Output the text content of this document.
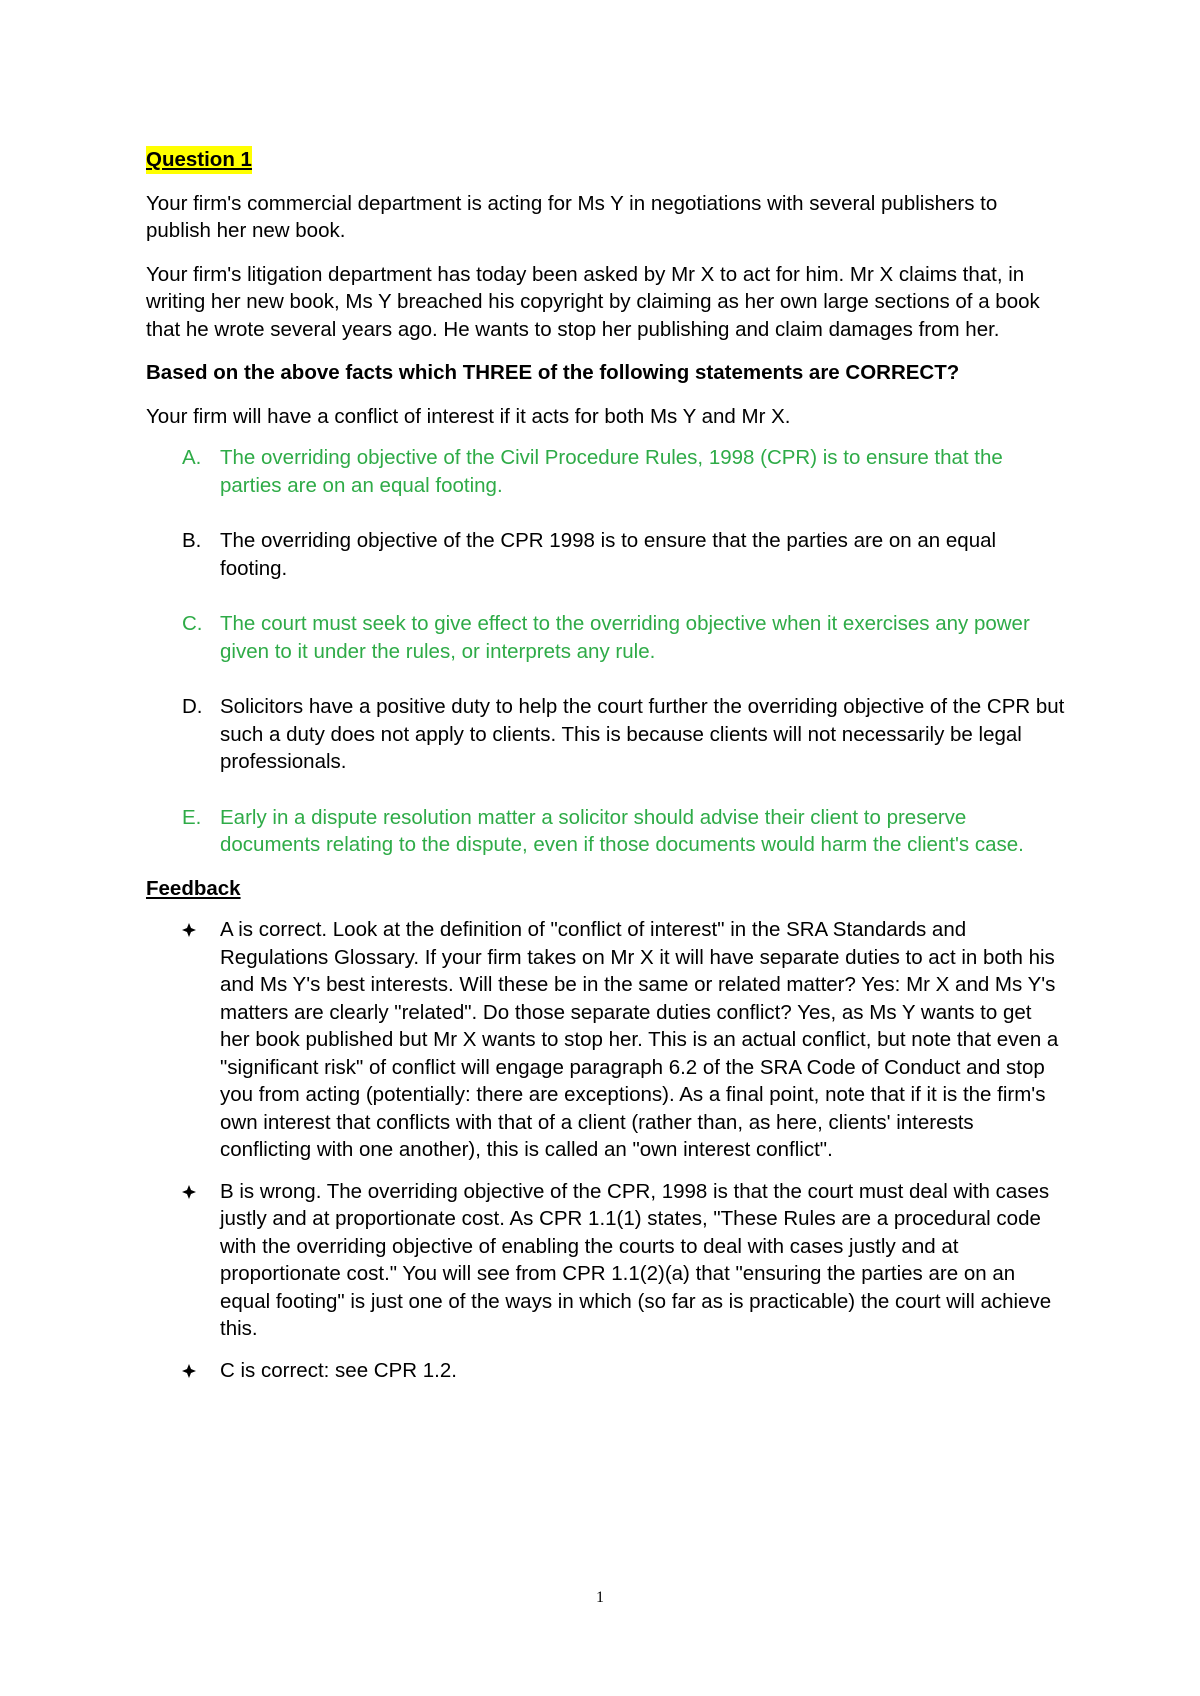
Question 1

Your firm's commercial department is acting for Ms Y in negotiations with several publishers to publish her new book.

Your firm's litigation department has today been asked by Mr X to act for him. Mr X claims that, in writing her new book, Ms Y breached his copyright by claiming as her own large sections of a book that he wrote several years ago. He wants to stop her publishing and claim damages from her.

Based on the above facts which THREE of the following statements are CORRECT?

Your firm will have a conflict of interest if it acts for both Ms Y and Mr X.

A. The overriding objective of the Civil Procedure Rules, 1998 (CPR) is to ensure that the parties are on an equal footing.
B. The overriding objective of the CPR 1998 is to ensure that the parties are on an equal footing.
C. The court must seek to give effect to the overriding objective when it exercises any power given to it under the rules, or interprets any rule.
D. Solicitors have a positive duty to help the court further the overriding objective of the CPR but such a duty does not apply to clients. This is because clients will not necessarily be legal professionals.
E. Early in a dispute resolution matter a solicitor should advise their client to preserve documents relating to the dispute, even if those documents would harm the client's case.

Feedback

A is correct. Look at the definition of "conflict of interest" in the SRA Standards and Regulations Glossary. If your firm takes on Mr X it will have separate duties to act in both his and Ms Y's best interests. Will these be in the same or related matter? Yes: Mr X and Ms Y's matters are clearly "related". Do those separate duties conflict? Yes, as Ms Y wants to get her book published but Mr X wants to stop her. This is an actual conflict, but note that even a "significant risk" of conflict will engage paragraph 6.2 of the SRA Code of Conduct and stop you from acting (potentially: there are exceptions). As a final point, note that if it is the firm's own interest that conflicts with that of a client (rather than, as here, clients' interests conflicting with one another), this is called an "own interest conflict".
B is wrong. The overriding objective of the CPR, 1998 is that the court must deal with cases justly and at proportionate cost. As CPR 1.1(1) states, "These Rules are a procedural code with the overriding objective of enabling the courts to deal with cases justly and at proportionate cost." You will see from CPR 1.1(2)(a) that "ensuring the parties are on an equal footing" is just one of the ways in which (so far as is practicable) the court will achieve this.
C is correct: see CPR 1.2.
1
